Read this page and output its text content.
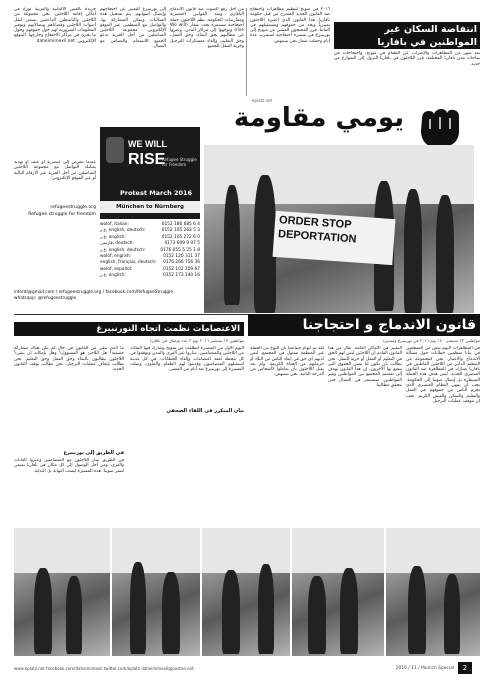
انتفاضة السكان غير المواطنين في بافاريا
بعد شهر من المظاهرات والإضراب عن الطعام في ميونخ، واحتجاجات في ساحات مدن بافاريا المختلفة، قرر اللاجئون في بافاريا النزول إلى الشوارع من جديد.
٢٠١٦ في ميونخ لتنظيم مظاهرات واحتجاج ضد القانون الجديد المقترح من قبل حكومة بافاريا. هذا القانون الذي اعتبره اللاجئون تمييزياً ويحد من حقوقهم ومستقبلهم في ألمانيا. قرر المحتجون المشي من ميونخ إلى نورنبيرغ في مسيرة احتجاجية استمرت عدة أيام وحملت شعار نحن سننهض.
من أجل رفع الصوت ضد قانون الاندماج البافاري وضد القوانين العنصرية وممارسات الحكومة، نظم اللاجئون حملة احتجاجية مستمرة تحت شعار (We will rise) وتوجهوا إلى مراكز المدن. وعبروا عن مطالبهم بحق البقاء، وحق العمل، وحق التعليم، وإلغاء معسكرات الترحيل وحرية التنقل للجميع.
إلى نورنبيرغ للتعبير عن احتجاجهم وإيصال أصواتهم. يتم تسجيل هذه الفعاليات ويمكن المشاركة بها، والتواصل مع المنظمين عبر الموقع الإلكتروني. مجموعة اللاجئين المناضلين من أجل الحرية تدعو الجميع للانضمام والتضامن مع النضال.
جريدة بالغتين الألمانية والعربية توزع في أماكن إقامة اللاجئين. نحن مجموعة من اللاجئين والناشطين الداعمين نسعى لنقل أصوات اللاجئين وقضاياهم ونضالاتهم وتوفير المعلومات الضرورية لهم حول حقوقهم وحول ما يجري في مراكز الاحتجاج وخارجها. الموقع الإلكتروني: daheimimexil.net
عندما تتعرض إلى عنصرية أو عنف أو تهديد يمكنك التواصل مع مجموعة اللاجئين المناضلين من أجل الحرية عبر الأرقام التالية أو عبر الموقع الإلكتروني:
refugeestruggle.org
Refugee struggle for freedom
WE WILL
RISE
Refugee Struggle for Freedom
Protest March 2016
München to Nürnberg
eplatz.net
يومي مقاومة
ORDER STOP DEPORTATION
wolof, italian:	0152 186 685 6 4
ع.ر, english, deutsch:	0152 105 263 5 3
ع.ر, english:	0152 105 272 6 0
فارسی, deutsch:	0173 609 9 97 5
ع.ر, english, deutsch:	0176 055 5 25 1 8
wolof, english:	0152 120 311 37
english, français, deutsch: 0176 266 756 36
wolof, español:	0152 102 209 67
ع.ر, english:	0152 173 140 16
infordl@gmail.com / refugeestruggle.org / facebook.com/RefugeeStruggle
whatsapp: @refugeestruggle
قانون الاندماج و احتجاجنا
مواطنين ٢٢ سبتمبر - ١٤ يوم ٢٠١٦ في نورنبيرغ ومسيرة
في المظاهرات اليوم بعض من المنظمين في بيانا منظمين خطابات حول مسألة الاندماج والاعتبار. نحن كمجموعة من التنظيم الذاتي من اللاجئين القاطنين في بافاريا نشارك في المظاهرة ضد القانون العنصري الجديد. ليس هدف هذه الحملة السيطرة بل إيصال صوتنا إلى الحكومة. يجب أن ينتهي النظام العنصري الذي يحرم الناس من حقوقهم في العمل والتعليم والسكن والعيش الكريم. يجب ان تتوقف عمليات الترحيل.
التمييز في الأماكن العامة. يقال من هذا القانون القادم أن اللاجئين ليس لهم الحق في التعليم أو العمل أو حرية التنقل. نحن نطالب بأن تكون لنا نفس الحقوق التي يتمتع بها الآخرون. إن هذا القانون يهدف إلى تقسيم المجتمع بين المواطنين وغير المواطنين. سنستمر في النضال حتى تتحقق مطالبنا.
لقد تم اتهام جماعتنا بأن النوع من الحملة غير المنظمة مقبول في المجتمع. ليس لديهم أي حق في إبعاد الناس من البلاد أو حرمانهم من الحياة الكريمة. ولم يعد يقبل اللاجئون بأن يعاملوا كأشخاص من الدرجة الثانية. نحن سننهض.
الاعتصامات نظمت اتجاه النورنبيرغ
مواطنين ١٧ سبتمبر ٢٠١٦ يوم ٢ عدد ونضال في بافاريا
اليوم الأول من المسيرة انطلقت من ميونخ وشارك فيها المئات من اللاجئين والمتضامنين. ساروا عبر القرى والمدن وتوقفوا في كل محطة لعقد اعتصامات وإلقاء الخطابات. في كل مدينة استقبلهم المتضامنون وقدموا لهم الطعام والمأوى. وصلت المسيرة إلى نورنبيرغ بعد أيام من المشي.
بيان المتكرر في اللقاء الصحفي
ما الذي يبقى من القانون في حال لم تكن هناك مشاركة حقيقية؟ هل اللاجئ هو المسؤول؟ وهل بإمكانه أن يبقى؟ اللاجئون يطالبون بالبقاء وحق العمل وحق التعليم. نحن نطالب بإيقاف عمليات الترحيل. نحن نطالب بوقف القانون الجديد.
في الطريق إلى نورنبيرغ
في الطريق سار اللاجئون مع المتضامنين وعبروا الغابات والقرى. ومن أجل الوصول إلى كل مكان في بافاريا نسعى لنشر صوتنا. هذه المسيرة ليست النهاية بل البداية.
www.eplatz.net facebook.com/daheimimexil twitter.com/eplatz daheimimexil@posteo.net	2016 / 11 / Munich Special	2
